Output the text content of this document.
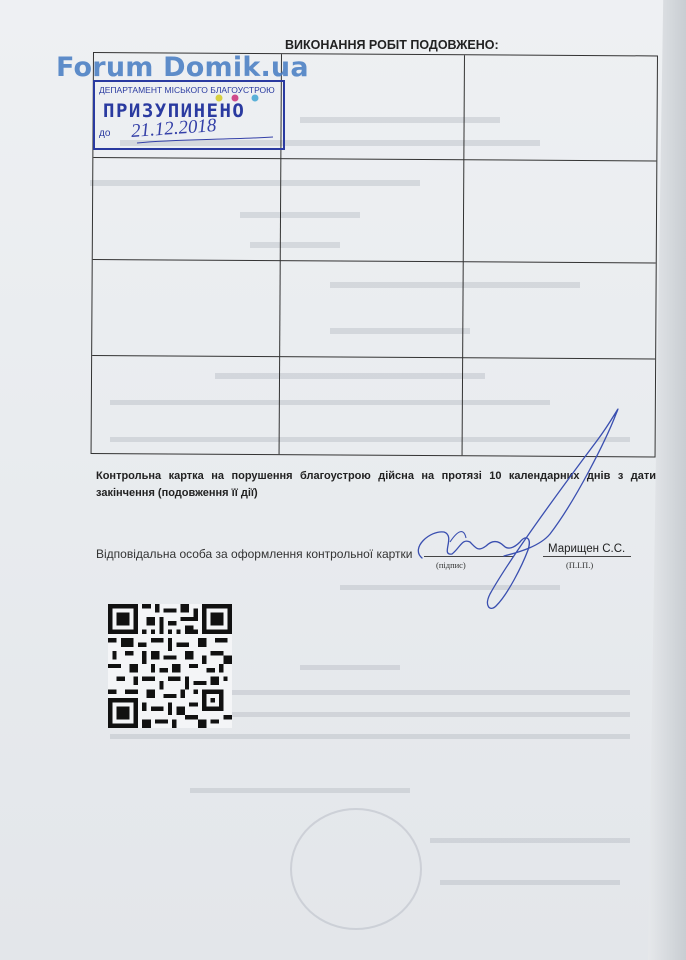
ВИКОНАННЯ РОБІТ ПОДОВЖЕНО:
ДЕПАРТАМЕНТ МІСЬКОГО БЛАГОУСТРОЮ
ПРИЗУПИНЕНО
до 21.12.2018
Forum Domik.ua
Контрольна картка на порушення благоустрою дійсна на протязі 10 календарних днів з дати закінчення (подовження її дії)
Відповідальна особа за оформлення контрольної картки
(підпис)
Марищен С.С.
(П.І.П.)
